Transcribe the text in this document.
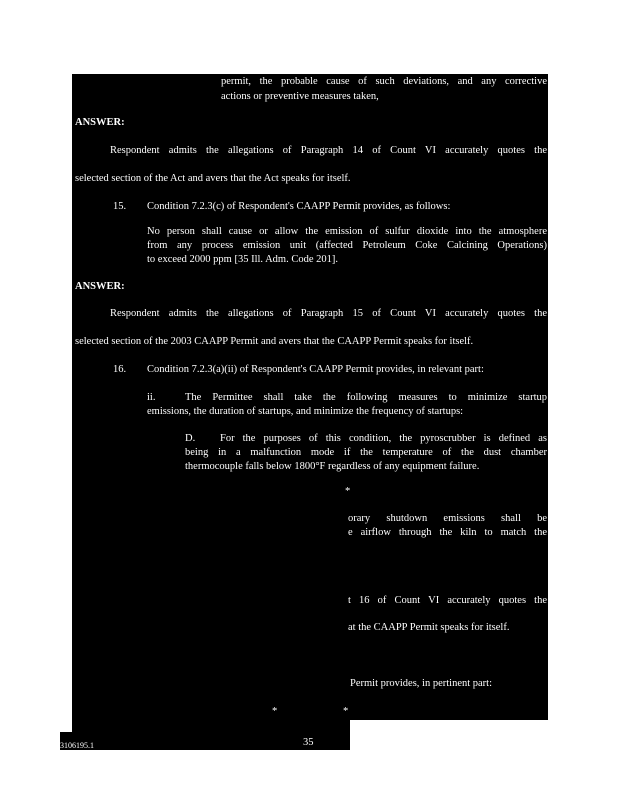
permit, the probable cause of such deviations, and any corrective
actions or preventive measures taken,
ANSWER:
Respondent admits the allegations of Paragraph 14 of Count VI accurately quotes the
selected section of the Act and avers that the Act speaks for itself.
15. Condition 7.2.3(c) of Respondent's CAAPP Permit provides, as follows:
No person shall cause or allow the emission of sulfur dioxide into the atmosphere
from any process emission unit (affected Petroleum Coke Calcining Operations)
to exceed 2000 ppm [35 Ill. Adm. Code 201].
ANSWER:
Respondent admits the allegations of Paragraph 15 of Count VI accurately quotes the
selected section of the 2003 CAAPP Permit and avers that the CAAPP Permit speaks for itself.
16. Condition 7.2.3(a)(ii) of Respondent's CAAPP Permit provides, in relevant part:
ii.	The Permittee shall take the following measures to minimize startup
emissions, the duration of startups, and minimize the frequency of startups:
D. For the purposes of this condition, the pyroscrubber is defined as
being in a malfunction mode if the temperature of the dust chamber
thermocouple falls below 1800°F regardless of any equipment failure.
*
orary shutdown emissions shall be
e airflow through the kiln to match the
t 16 of Count VI accurately quotes the
at the CAAPP Permit speaks for itself.
Permit provides, in pertinent part:
*	*
3106195.1	35
